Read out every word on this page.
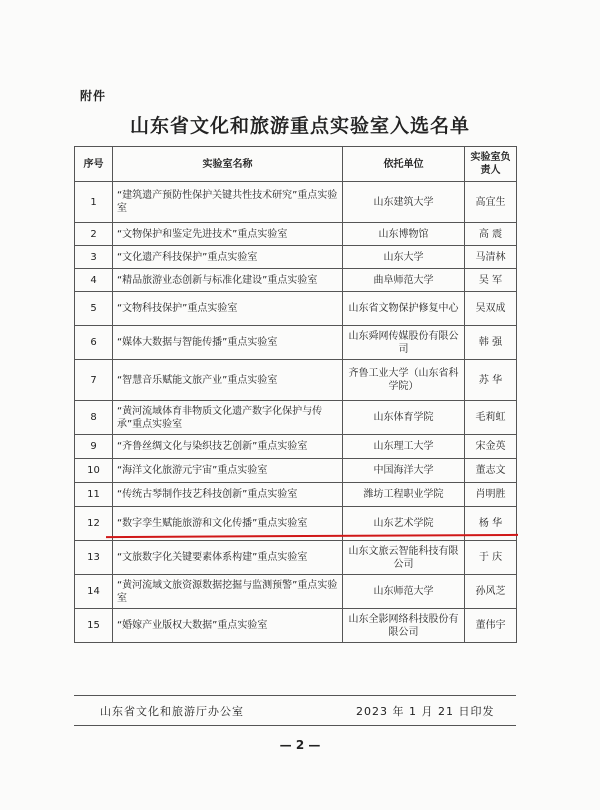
附件
山东省文化和旅游重点实验室入选名单
序号	实验室名称	依托单位	实验室负责人
1	“建筑遗产预防性保护关键共性技术研究”重点实验室	山东建筑大学	高宜生
2	“文物保护和鉴定先进技术”重点实验室	山东博物馆	高 震
3	“文化遗产科技保护”重点实验室	山东大学	马清林
4	“精品旅游业态创新与标准化建设”重点实验室	曲阜师范大学	吴 军
5	“文物科技保护”重点实验室	山东省文物保护修复中心	吴双成
6	“媒体大数据与智能传播”重点实验室	山东舜网传媒股份有限公司	韩 强
7	“智慧音乐赋能文旅产业”重点实验室	齐鲁工业大学（山东省科学院）	苏 华
8	“黄河流域体育非物质文化遗产数字化保护与传承”重点实验室	山东体育学院	毛莉虹
9	“齐鲁丝绸文化与染织技艺创新”重点实验室	山东理工大学	宋金英
10	“海洋文化旅游元宇宙”重点实验室	中国海洋大学	董志文
11	“传统古琴制作技艺科技创新”重点实验室	潍坊工程职业学院	肖明胜
12	“数字孪生赋能旅游和文化传播”重点实验室	山东艺术学院	杨 华
13	“文旅数字化关键要素体系构建”重点实验室	山东文旅云智能科技有限公司	于 庆
14	“黄河流域文旅资源数据挖掘与监测预警”重点实验室	山东师范大学	孙风芝
15	“婚嫁产业版权大数据”重点实验室	山东全影网络科技股份有限公司	董伟宇
山东省文化和旅游厅办公室	2023 年 1 月 21 日印发
— 2 —
